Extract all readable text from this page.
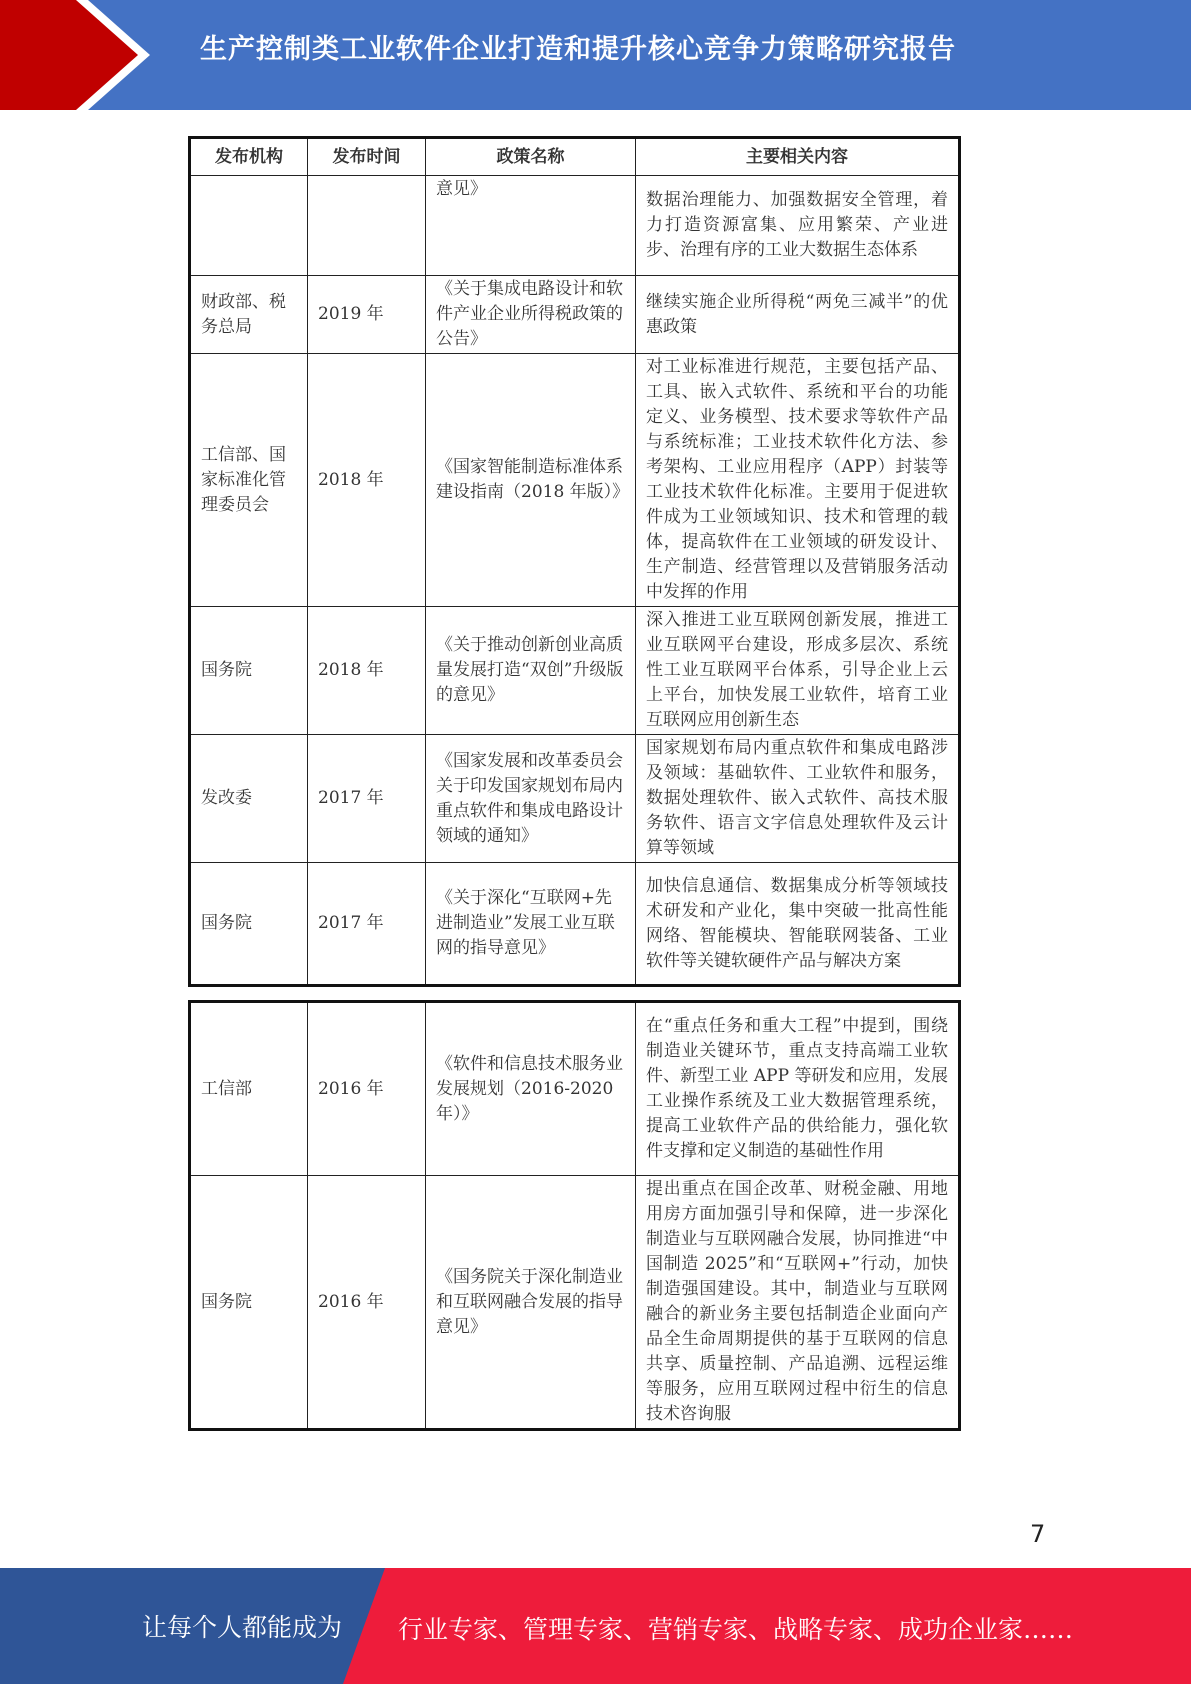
生产控制类工业软件企业打造和提升核心竞争力策略研究报告
发布机构	发布时间	政策名称	主要相关内容
		意见》	数据治理能力、加强数据安全管理，着力打造资源富集、应用繁荣、产业进步、治理有序的工业大数据生态体系
财政部、税务总局	2019 年	《关于集成电路设计和软件产业企业所得税政策的公告》	继续实施企业所得税“两免三减半”的优惠政策
工信部、国家标准化管理委员会	2018 年	《国家智能制造标准体系建设指南（2018 年版）》	对工业标准进行规范，主要包括产品、工具、嵌入式软件、系统和平台的功能定义、业务模型、技术要求等软件产品与系统标准；工业技术软件化方法、参考架构、工业应用程序（APP）封装等工业技术软件化标准。主要用于促进软件成为工业领域知识、技术和管理的载体，提高软件在工业领域的研发设计、生产制造、经营管理以及营销服务活动中发挥的作用
国务院	2018 年	《关于推动创新创业高质量发展打造“双创”升级版的意见》	深入推进工业互联网创新发展，推进工业互联网平台建设，形成多层次、系统性工业互联网平台体系，引导企业上云上平台，加快发展工业软件，培育工业互联网应用创新生态
发改委	2017 年	《国家发展和改革委员会关于印发国家规划布局内重点软件和集成电路设计领域的通知》	国家规划布局内重点软件和集成电路涉及领域：基础软件、工业软件和服务，数据处理软件、嵌入式软件、高技术服务软件、语言文字信息处理软件及云计算等领域
国务院	2017 年	《关于深化“互联网+先进制造业”发展工业互联网的指导意见》	加快信息通信、数据集成分析等领域技术研发和产业化，集中突破一批高性能网络、智能模块、智能联网装备、工业软件等关键软硬件产品与解决方案
工信部	2016 年	《软件和信息技术服务业发展规划（2016-2020 年）》	在“重点任务和重大工程”中提到，围绕制造业关键环节，重点支持高端工业软件、新型工业 APP 等研发和应用，发展工业操作系统及工业大数据管理系统，提高工业软件产品的供给能力，强化软件支撑和定义制造的基础性作用
国务院	2016 年	《国务院关于深化制造业和互联网融合发展的指导意见》	提出重点在国企改革、财税金融、用地用房方面加强引导和保障，进一步深化制造业与互联网融合发展，协同推进“中国制造 2025”和“互联网+”行动，加快制造强国建设。其中，制造业与互联网融合的新业务主要包括制造企业面向产品全生命周期提供的基于互联网的信息共享、质量控制、产品追溯、远程运维等服务，应用互联网过程中衍生的信息技术咨询服
7
让每个人都能成为 行业专家、管理专家、营销专家、战略专家、成功企业家……
